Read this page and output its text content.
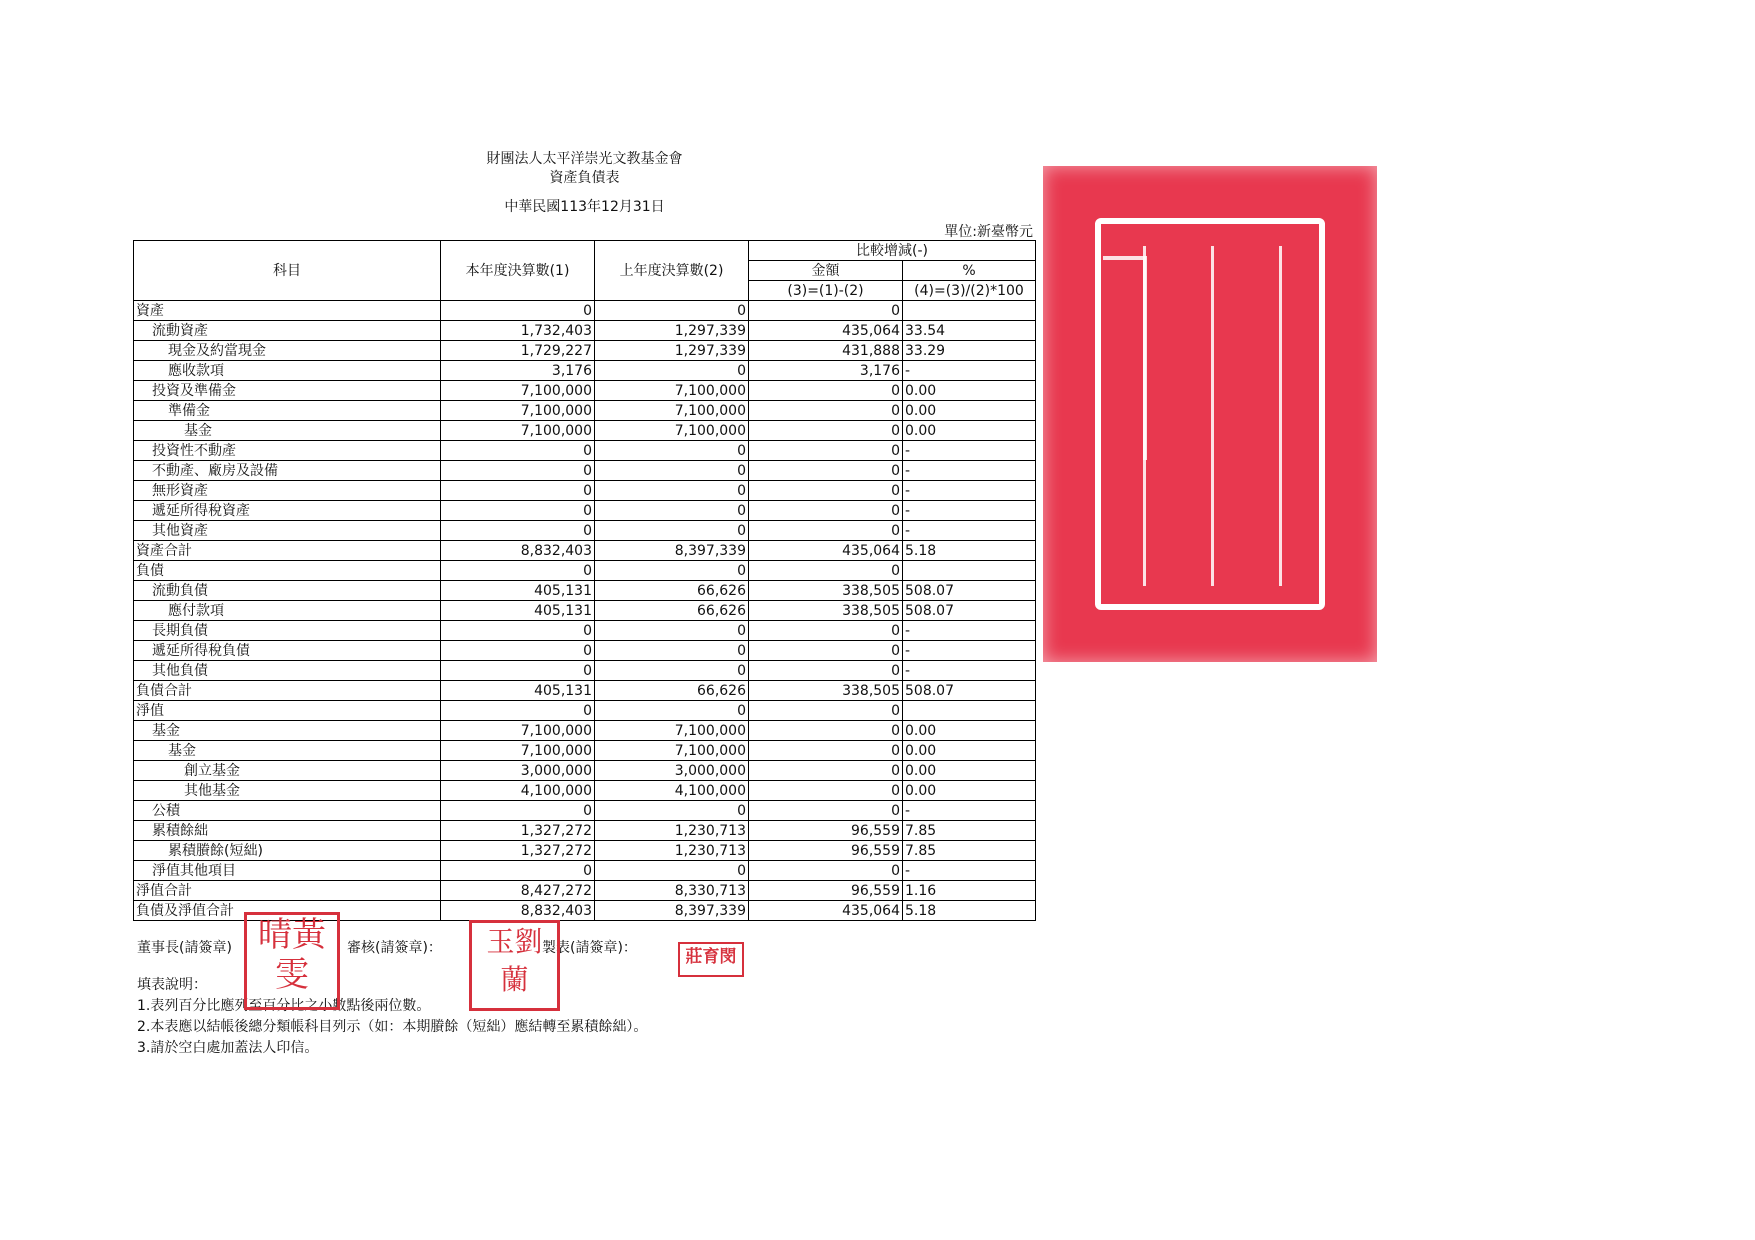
財團法人太平洋崇光文教基金會
資產負債表
中華民國113年12月31日
單位:新臺幣元
科目	本年度決算數(1)	上年度決算數(2)	比較增減(-)	
			金額	%
			(3)=(1)-(2)	(4)=(3)/(2)*100
資產	0	0	0	
流動資產	1,732,403	1,297,339	435,064	33.54
現金及約當現金	1,729,227	1,297,339	431,888	33.29
應收款項	3,176	0	3,176	-
投資及準備金	7,100,000	7,100,000	0	0.00
準備金	7,100,000	7,100,000	0	0.00
基金	7,100,000	7,100,000	0	0.00
投資性不動產	0	0	0	-
不動產、廠房及設備	0	0	0	-
無形資產	0	0	0	-
遞延所得稅資產	0	0	0	-
其他資產	0	0	0	-
資產合計	8,832,403	8,397,339	435,064	5.18
負債	0	0	0	
流動負債	405,131	66,626	338,505	508.07
應付款項	405,131	66,626	338,505	508.07
長期負債	0	0	0	-
遞延所得稅負債	0	0	0	-
其他負債	0	0	0	-
負債合計	405,131	66,626	338,505	508.07
淨值	0	0	0	
基金	7,100,000	7,100,000	0	0.00
基金	7,100,000	7,100,000	0	0.00
創立基金	3,000,000	3,000,000	0	0.00
其他基金	4,100,000	4,100,000	0	0.00
公積	0	0	0	-
累積餘絀	1,327,272	1,230,713	96,559	7.85
累積賸餘(短絀)	1,327,272	1,230,713	96,559	7.85
淨值其他項目	0	0	0	-
淨值合計	8,427,272	8,330,713	96,559	1.16
負債及淨值合計	8,832,403	8,397,339	435,064	5.18
董事長(請簽章)	審核(請簽章)：	製表(請簽章)：
填表說明：
1.表列百分比應列至百分比之小數點後兩位數。
2.本表應以結帳後總分類帳科目列示（如：本期賸餘（短絀）應結轉至累積餘絀）。
3.請於空白處加蓋法人印信。
晴黃
雯
玉劉
蘭
莊育閔
